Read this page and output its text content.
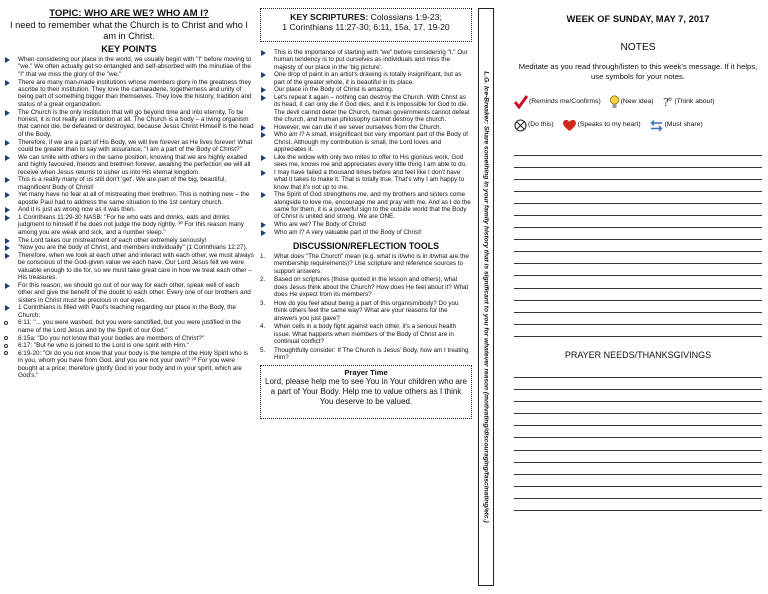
TOPIC: WHO ARE WE? WHO AM I?
I need to remember what the Church is to Christ and who I am in Christ.
KEY POINTS
When considering our place in the world, we usually begin with "I" before moving to "we." We often actually get so entangled and self-absorbed with the minutiae of the "I" that we miss the glory of the "we."
There are many man-made institutions whose members glory in the greatness they ascribe to their institution. They love the camaraderie, togetherness and unity of being part of something bigger than themselves. They love the history, tradition and status of a great organization.
The Church is the only institution that will go beyond time and into eternity. To be honest, it is not really an institution at all. The Church is a body – a living organism that cannot die, be defeated or destroyed, because Jesus Christ Himself is the head of the Body.
Therefore, if we are a part of His Body, we will live forever as He lives forever! What could be greater than to say with assurance, "I am a part of the Body of Christ?"
We can smile with others in the same position, knowing that we are highly exalted and highly favoured, friends and brethren forever, awaiting the perfection we will all receive when Jesus returns to usher us into His eternal kingdom.
This is a reality many of us still don't 'get'. We are part of the big, beautiful, magnificent Body of Christ!
Yet many have no fear at all of mistreating their brethren. This is nothing new – the apostle Paul had to address the same situation to the 1st century church.
And it is just as wrong now as it was then.
1 Corinthians 11:29-30 NASB: "For he who eats and drinks, eats and drinks judgment to himself if he does not judge the body rightly. ³⁰ For this reason many among you are weak and sick, and a number sleep."
The Lord takes our mistreatment of each other extremely seriously!
"Now you are the body of Christ, and members individually" (1 Corinthians 12:27).
Therefore, when we look at each other and interact with each other, we must always be conscious of the God-given value we each have. Our Lord Jesus felt we were valuable enough to die for, so we must take great care in how we treat each other – His treasures.
For this reason, we should go out of our way for each other, speak well of each other and give the benefit of the doubt to each other. Every one of our brothers and sisters in Christ must be precious in our eyes.
1 Corinthians is filled with Paul's teaching regarding our place in the Body, the Church:
6:11: "... you were washed, but you were sanctified, but you were justified in the name of the Lord Jesus and by the Spirit of our God."
6:15a: "Do you not know that your bodies are members of Christ?"
6:17: "But he who is joined to the Lord is one spirit with Him."
6:19-20: "Or do you not know that your body is the temple of the Holy Spirit who is in you, whom you have from God, and you are not your own? ²⁰ For you were bought at a price; therefore glorify God in your body and in your spirit, which are God's."
KEY SCRIPTURES: Colossians 1:9-23;
1 Corinthians 11:27-30; 6:11, 15a, 17, 19-20
This is the importance of starting with "we" before considering "I." Our human tendency is to put ourselves as individuals and miss the majesty of our place in the 'big picture'.
One drop of paint in an artist's drawing is totally insignificant, but as part of the greater whole, it is beautiful in its place.
Our place in the Body of Christ is amazing.
Let's repeat it again – nothing can destroy the Church. With Christ as its head, it can only die if God dies, and it is impossible for God to die. The devil cannot deter the Church, human governments cannot defeat the church, and human philosophy cannot destroy the church.
However, we can die if we sever ourselves from the Church.
Who am I? A small, insignificant but very important part of the Body of Christ. Although my contribution is small, the Lord loves and appreciates it.
Like the widow with only two mites to offer to His glorious work, God sees me, knows me and appreciates every little thing I am able to do.
I may have failed a thousand times before and feel like I don't have what it takes to make it. That is totally true. That's why I am happy to know that it's not up to me.
The Spirit of God strengthens me, and my brothers and sisters come alongside to love me, encourage me and pray with me. And as I do the same for them, it is a powerful sign to the outside world that the Body of Christ is united and strong. We are ONE.
Who are we? The Body of Christ!
Who am I? A very valuable part of the Body of Christ!
DISCUSSION/REFLECTION TOOLS
1. What does "The Church" mean (e.g. what is it/who is in it/what are the membership requirements)? Use scripture and reference sources to support answers.
2. Based on scriptures (those quoted in the lesson and others), what does Jesus think about the Church? How does He feel about it? What does He expect from its members?
3. How do you feel about being a part of this organism/body? Do you think others feel the same way? What are your reasons for the answers you just gave?
4. When cells in a body fight against each other, it's a serious health issue. What happens when members of the Body of Christ are in continual conflict?
5. Thoughtfully consider: If The Church is Jesus' Body, how am I treating Him?
Prayer Time
Lord, please help me to see You in Your children who are a part of Your Body. Help me to value others as I think You deserve to be valued.	L.G. Ice-Breaker: Share something in your family history that is significant to you for whatever reason (motivating/discouraging/fascinating/etc.)
WEEK OF SUNDAY, MAY 7, 2017
NOTES
Meditate as you read through/listen to this week's message. If it helps, use symbols for your notes.
(Reminds me/Confirms)	(New idea) ? (Think about)
(Do this)	(Speaks to my heart)	(Must share)
PRAYER NEEDS/THANKSGIVINGS
